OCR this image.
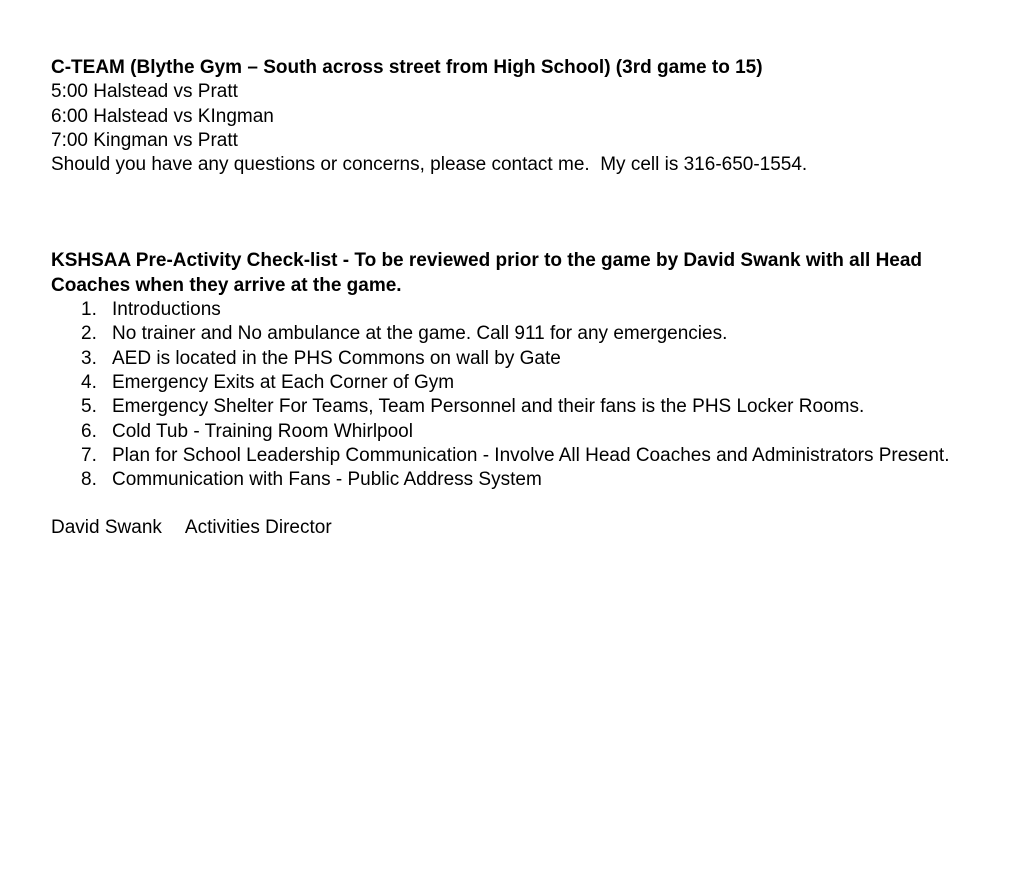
C-TEAM (Blythe Gym – South across street from High School) (3rd game to 15)

5:00 Halstead vs Pratt

6:00 Halstead vs KIngman

7:00 Kingman vs Pratt

Should you have any questions or concerns, please contact me.  My cell is 316-650-1554.

KSHSAA Pre-Activity Check-list - To be reviewed prior to the game by David Swank with all Head Coaches when they arrive at the game.

1. Introductions
2. No trainer and No ambulance at the game. Call 911 for any emergencies.
3. AED is located in the PHS Commons on wall by Gate
4. Emergency Exits at Each Corner of Gym
5. Emergency Shelter For Teams, Team Personnel and their fans is the PHS Locker Rooms.
6. Cold Tub - Training Room Whirlpool
7. Plan for School Leadership Communication - Involve All Head Coaches and Administrators Present.
8. Communication with Fans - Public Address System

David Swank Activities Director
